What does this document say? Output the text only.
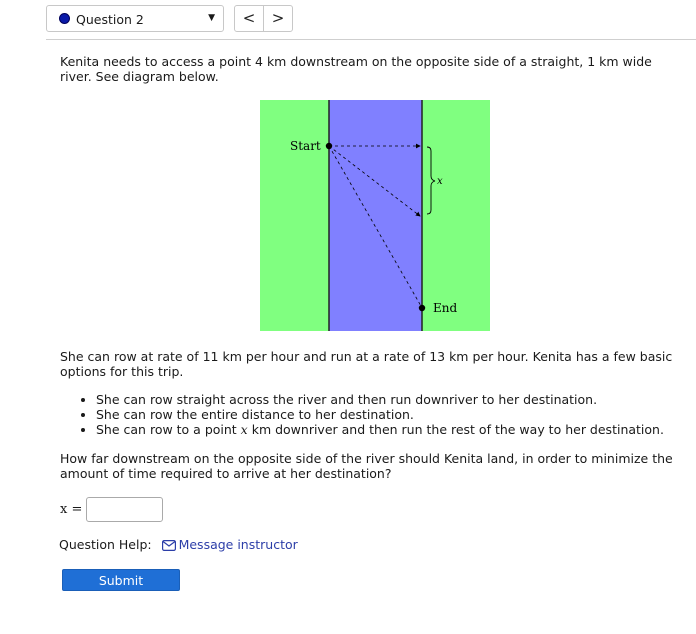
Question 2	▼	<	>
Kenita needs to access a point 4 km downstream on the opposite side of a straight, 1 km wide river. See diagram below.
Start
End
x
She can row at rate of 11 km per hour and run at a rate of 13 km per hour. Kenita has a few basic options for this trip.
• She can row straight across the river and then run downriver to her destination.
• She can row the entire distance to her destination.
• She can row to a point x km downriver and then run the rest of the way to her destination.
How far downstream on the opposite side of the river should Kenita land, in order to minimize the amount of time required to arrive at her destination?
x =
Question Help: Message instructor
Submit Question
